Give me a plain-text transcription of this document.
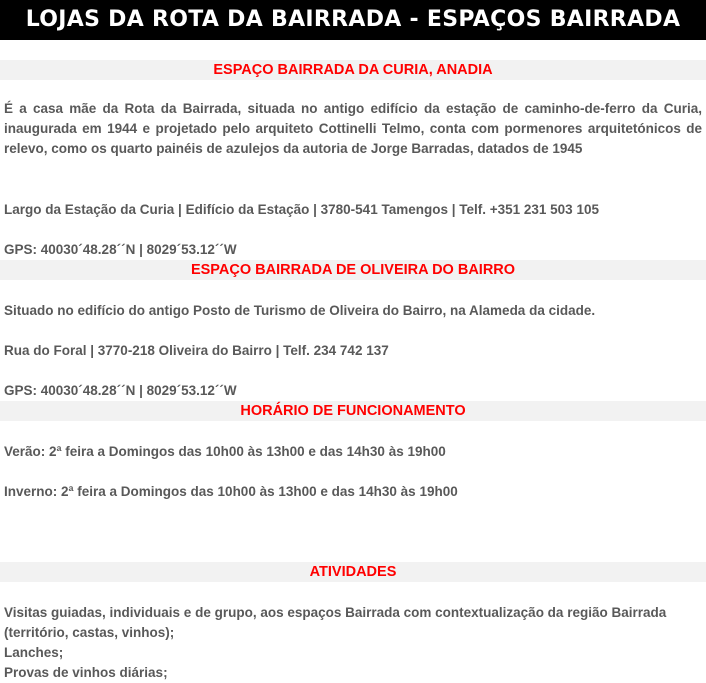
LOJAS DA ROTA DA BAIRRADA - ESPAÇOS BAIRRADA
ESPAÇO BAIRRADA DA CURIA, ANADIA

É a casa mãe da Rota da Bairrada, situada no antigo edifício da estação de caminho-de-ferro da Curia, inaugurada em 1944 e projetado pelo arquiteto Cottinelli Telmo, conta com pormenores arquitetónicos de relevo, como os quarto painéis de azulejos da autoria de Jorge Barradas, datados de 1945

Largo da Estação da Curia | Edifício da Estação | 3780-541 Tamengos | Telf. +351 231 503 105

GPS: 40030´48.28´´N | 8029´53.12´´W

ESPAÇO BAIRRADA DE OLIVEIRA DO BAIRRO

Situado no edifício do antigo Posto de Turismo de Oliveira do Bairro, na Alameda da cidade.

Rua do Foral | 3770-218 Oliveira do Bairro | Telf. 234 742 137

GPS: 40030´48.28´´N | 8029´53.12´´W

HORÁRIO DE FUNCIONAMENTO

Verão: 2ª feira a Domingos das 10h00 às 13h00 e das 14h30 às 19h00

Inverno: 2ª feira a Domingos das 10h00 às 13h00 e das 14h30 às 19h00

ATIVIDADES

Visitas guiadas, individuais e de grupo, aos espaços Bairrada com contextualização da região Bairrada (território, castas, vinhos);

Lanches;

Provas de vinhos diárias;
